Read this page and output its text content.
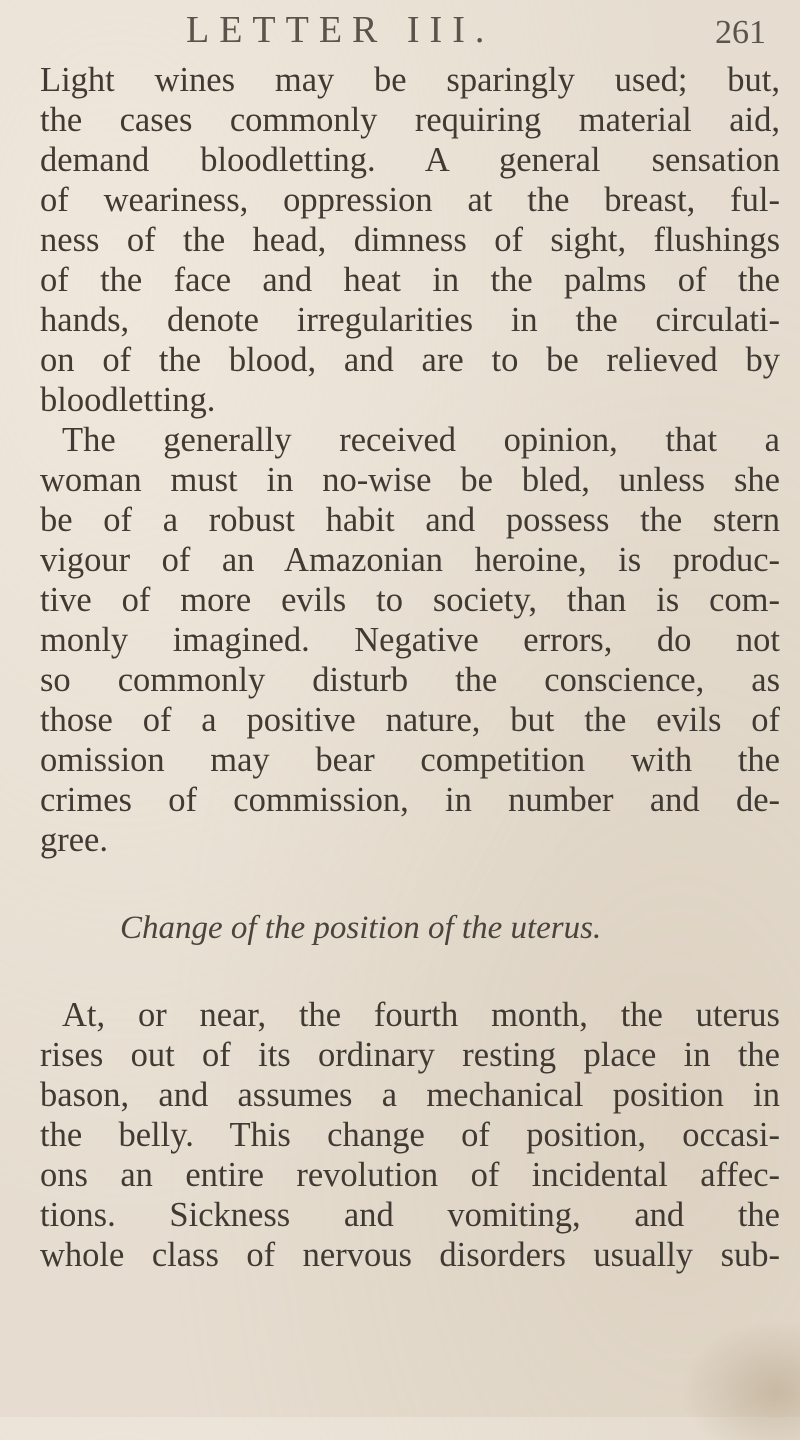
LETTER III.	261
Light wines may be sparingly used; but,
the cases commonly requiring material aid,
demand bloodletting. A general sensation
of weariness, oppression at the breast, ful-
ness of the head, dimness of sight, flushings
of the face and heat in the palms of the
hands, denote irregularities in the circulati-
on of the blood, and are to be relieved by
bloodletting.
The generally received opinion, that a
woman must in no-wise be bled, unless she
be of a robust habit and possess the stern
vigour of an Amazonian heroine, is produc-
tive of more evils to society, than is com-
monly imagined. Negative errors, do not
so commonly disturb the conscience, as
those of a positive nature, but the evils of
omission may bear competition with the
crimes of commission, in number and de-
gree.
Change of the position of the uterus.
At, or near, the fourth month, the uterus
rises out of its ordinary resting place in the
bason, and assumes a mechanical position in
the belly. This change of position, occasi-
ons an entire revolution of incidental affec-
tions. Sickness and vomiting, and the
whole class of nervous disorders usually sub-
